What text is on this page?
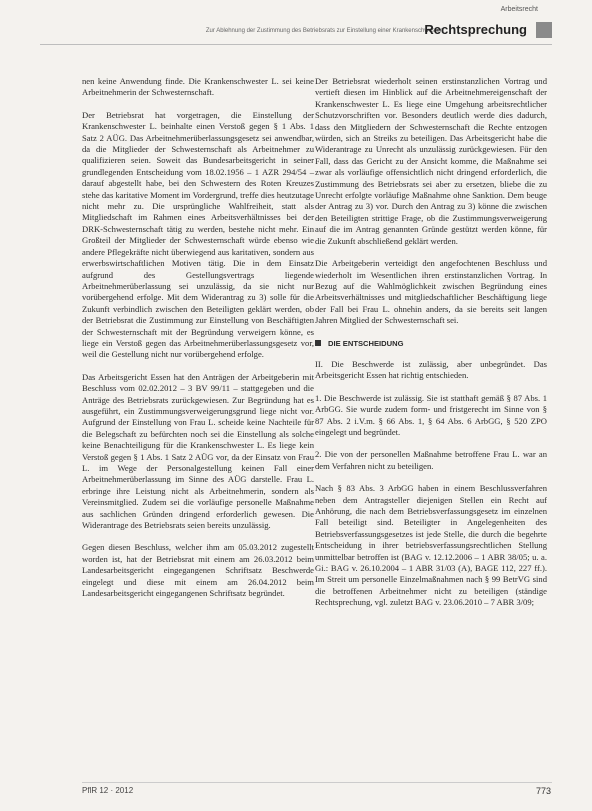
Arbeitsrecht
Zur Ablehnung der Zustimmung des Betriebsrats zur Einstellung einer Krankenschwester
Rechtsprechung

nen keine Anwendung finde. Die Krankenschwester L. sei keine Arbeitnehmerin der Schwesternschaft.

Der Betriebsrat hat vorgetragen, die Einstellung der Krankenschwester L. beinhalte einen Verstoß gegen § 1 Abs. 1 Satz 2 AÜG. Das Arbeitnehmerüberlassungsgesetz sei anwendbar, da die Mitglieder der Schwesternschaft als Arbeitnehmer zu qualifizieren seien. Soweit das Bundesarbeitsgericht in seiner grundlegenden Entscheidung vom 18.02.1956 – 1 AZR 294/54 – darauf abgestellt habe, bei den Schwestern des Roten Kreuzes stehe das karitative Moment im Vordergrund, treffe dies heutzutage nicht mehr zu. Die ursprüngliche Wahlfreiheit, statt als Mitgliedschaft im Rahmen eines Arbeitsverhältnisses bei der DRK-Schwesternschaft tätig zu werden, bestehe nicht mehr. Ein Großteil der Mitglieder der Schwesternschaft würde ebenso wie andere Pflegekräfte nicht überwiegend aus karitativen, sondern aus erwerbswirtschaftlichen Motiven tätig. Die in dem Einsatz aufgrund des Gestellungsvertrags liegende Arbeitnehmerüberlassung sei unzulässig, da sie nicht nur vorübergehend erfolge. Mit dem Widerantrag zu 3) solle für die Zukunft verbindlich zwischen den Beteiligten geklärt werden, ob der Betriebsrat die Zustimmung zur Einstellung von Beschäftigten der Schwesternschaft mit der Begründung verweigern könne, es liege ein Verstoß gegen das Arbeitnehmerüberlassungsgesetz vor, weil die Gestellung nicht nur vorübergehend erfolge.

Das Arbeitsgericht Essen hat den Anträgen der Arbeitgeberin mit Beschluss vom 02.02.2012 – 3 BV 99/11 – stattgegeben und die Anträge des Betriebsrats zurückgewiesen. Zur Begründung hat es ausgeführt, ein Zustimmungsverweigerungsgrund liege nicht vor. Aufgrund der Einstellung von Frau L. scheide keine Nachteile für die Belegschaft zu befürchten noch sei die Einstellung als solche keine Benachteiligung für die Krankenschwester L. Es liege kein Verstoß gegen § 1 Abs. 1 Satz 2 AÜG vor, da der Einsatz von Frau L. im Wege der Personalgestellung keinen Fall einer Arbeitnehmerüberlassung im Sinne des AÜG darstelle. Frau L. erbringe ihre Leistung nicht als Arbeitnehmerin, sondern als Vereinsmitglied. Zudem sei die vorläufige personelle Maßnahme aus sachlichen Gründen dringend erforderlich gewesen. Die Widerantrage des Betriebsrats seien bereits unzulässig.

Gegen diesen Beschluss, welcher ihm am 05.03.2012 zugestellt worden ist, hat der Betriebsrat mit einem am 26.03.2012 beim Landesarbeitsgericht eingegangenen Schriftsatz Beschwerde eingelegt und diese mit einem am 26.04.2012 beim Landesarbeitsgericht eingegangenen Schriftsatz begründet.

Der Betriebsrat wiederholt seinen erstinstanzlichen Vortrag und vertieft diesen im Hinblick auf die Arbeitnehmereigenschaft der Krankenschwester L. Es liege eine Umgehung arbeitsrechtlicher Schutzvorschriften vor. Besonders deutlich werde dies dadurch, dass den Mitgliedern der Schwesternschaft die Rechte entzogen würden, sich an Streiks zu beteiligen. Das Arbeitsgericht habe die Widerantrage zu Unrecht als unzulässig zurückgewiesen. Für den Fall, dass das Gericht zu der Ansicht komme, die Maßnahme sei zwar als vorläufige offensichtlich nicht dringend erforderlich, die Zustimmung des Betriebsrats sei aber zu ersetzen, bliebe die zu Unrecht erfolgte vorläufige Maßnahme ohne Sanktion. Dem beuge der Antrag zu 3) vor. Durch den Antrag zu 3) könne die zwischen den Beteiligten strittige Frage, ob die Zustimmungsverweigerung auf die im Antrag genannten Gründe gestützt werden könne, für die Zukunft abschließend geklärt werden.

Die Arbeitgeberin verteidigt den angefochtenen Beschluss und wiederholt im Wesentlichen ihren erstinstanzlichen Vortrag. In Bezug auf die Wahlmöglichkeit zwischen Begründung eines Arbeitsverhältnisses und mitgliedschaftlicher Beschäftigung liege der Fall bei Frau L. ohnehin anders, da sie bereits seit langen Jahren Mitglied der Schwesternschaft sei.

DIE ENTSCHEIDUNG

II. Die Beschwerde ist zulässig, aber unbegründet. Das Arbeitsgericht Essen hat richtig entschieden.

1. Die Beschwerde ist zulässig. Sie ist statthaft gemäß § 87 Abs. 1 ArbGG. Sie wurde zudem form- und fristgerecht im Sinne von § 87 Abs. 2 i.V.m. § 66 Abs. 1, § 64 Abs. 6 ArbGG, § 520 ZPO eingelegt und begründet.

2. Die von der personellen Maßnahme betroffene Frau L. war an dem Verfahren nicht zu beteiligen.

Nach § 83 Abs. 3 ArbGG haben in einem Beschlussverfahren neben dem Antragsteller diejenigen Stellen ein Recht auf Anhörung, die nach dem Betriebsverfassungsgesetz im einzelnen Fall beteiligt sind. Beteiligter in Angelegenheiten des Betriebsverfassungsgesetzes ist jede Stelle, die durch die begehrte Entscheidung in ihrer betriebsverfassungsrechtlichen Stellung unmittelbar betroffen ist (BAG v. 12.12.2006 – 1 ABR 38/05; u. a. Gi.: BAG v. 26.10.2004 – 1 ABR 31/03 (A), BAGE 112, 227 ff.). Im Streit um personelle Einzelmaßnahmen nach § 99 BetrVG sind die betroffenen Arbeitnehmer nicht zu beteiligen (ständige Rechtsprechung, vgl. zuletzt BAG v. 23.06.2010 – 7 ABR 3/09;

PflR 12 · 2012	773
